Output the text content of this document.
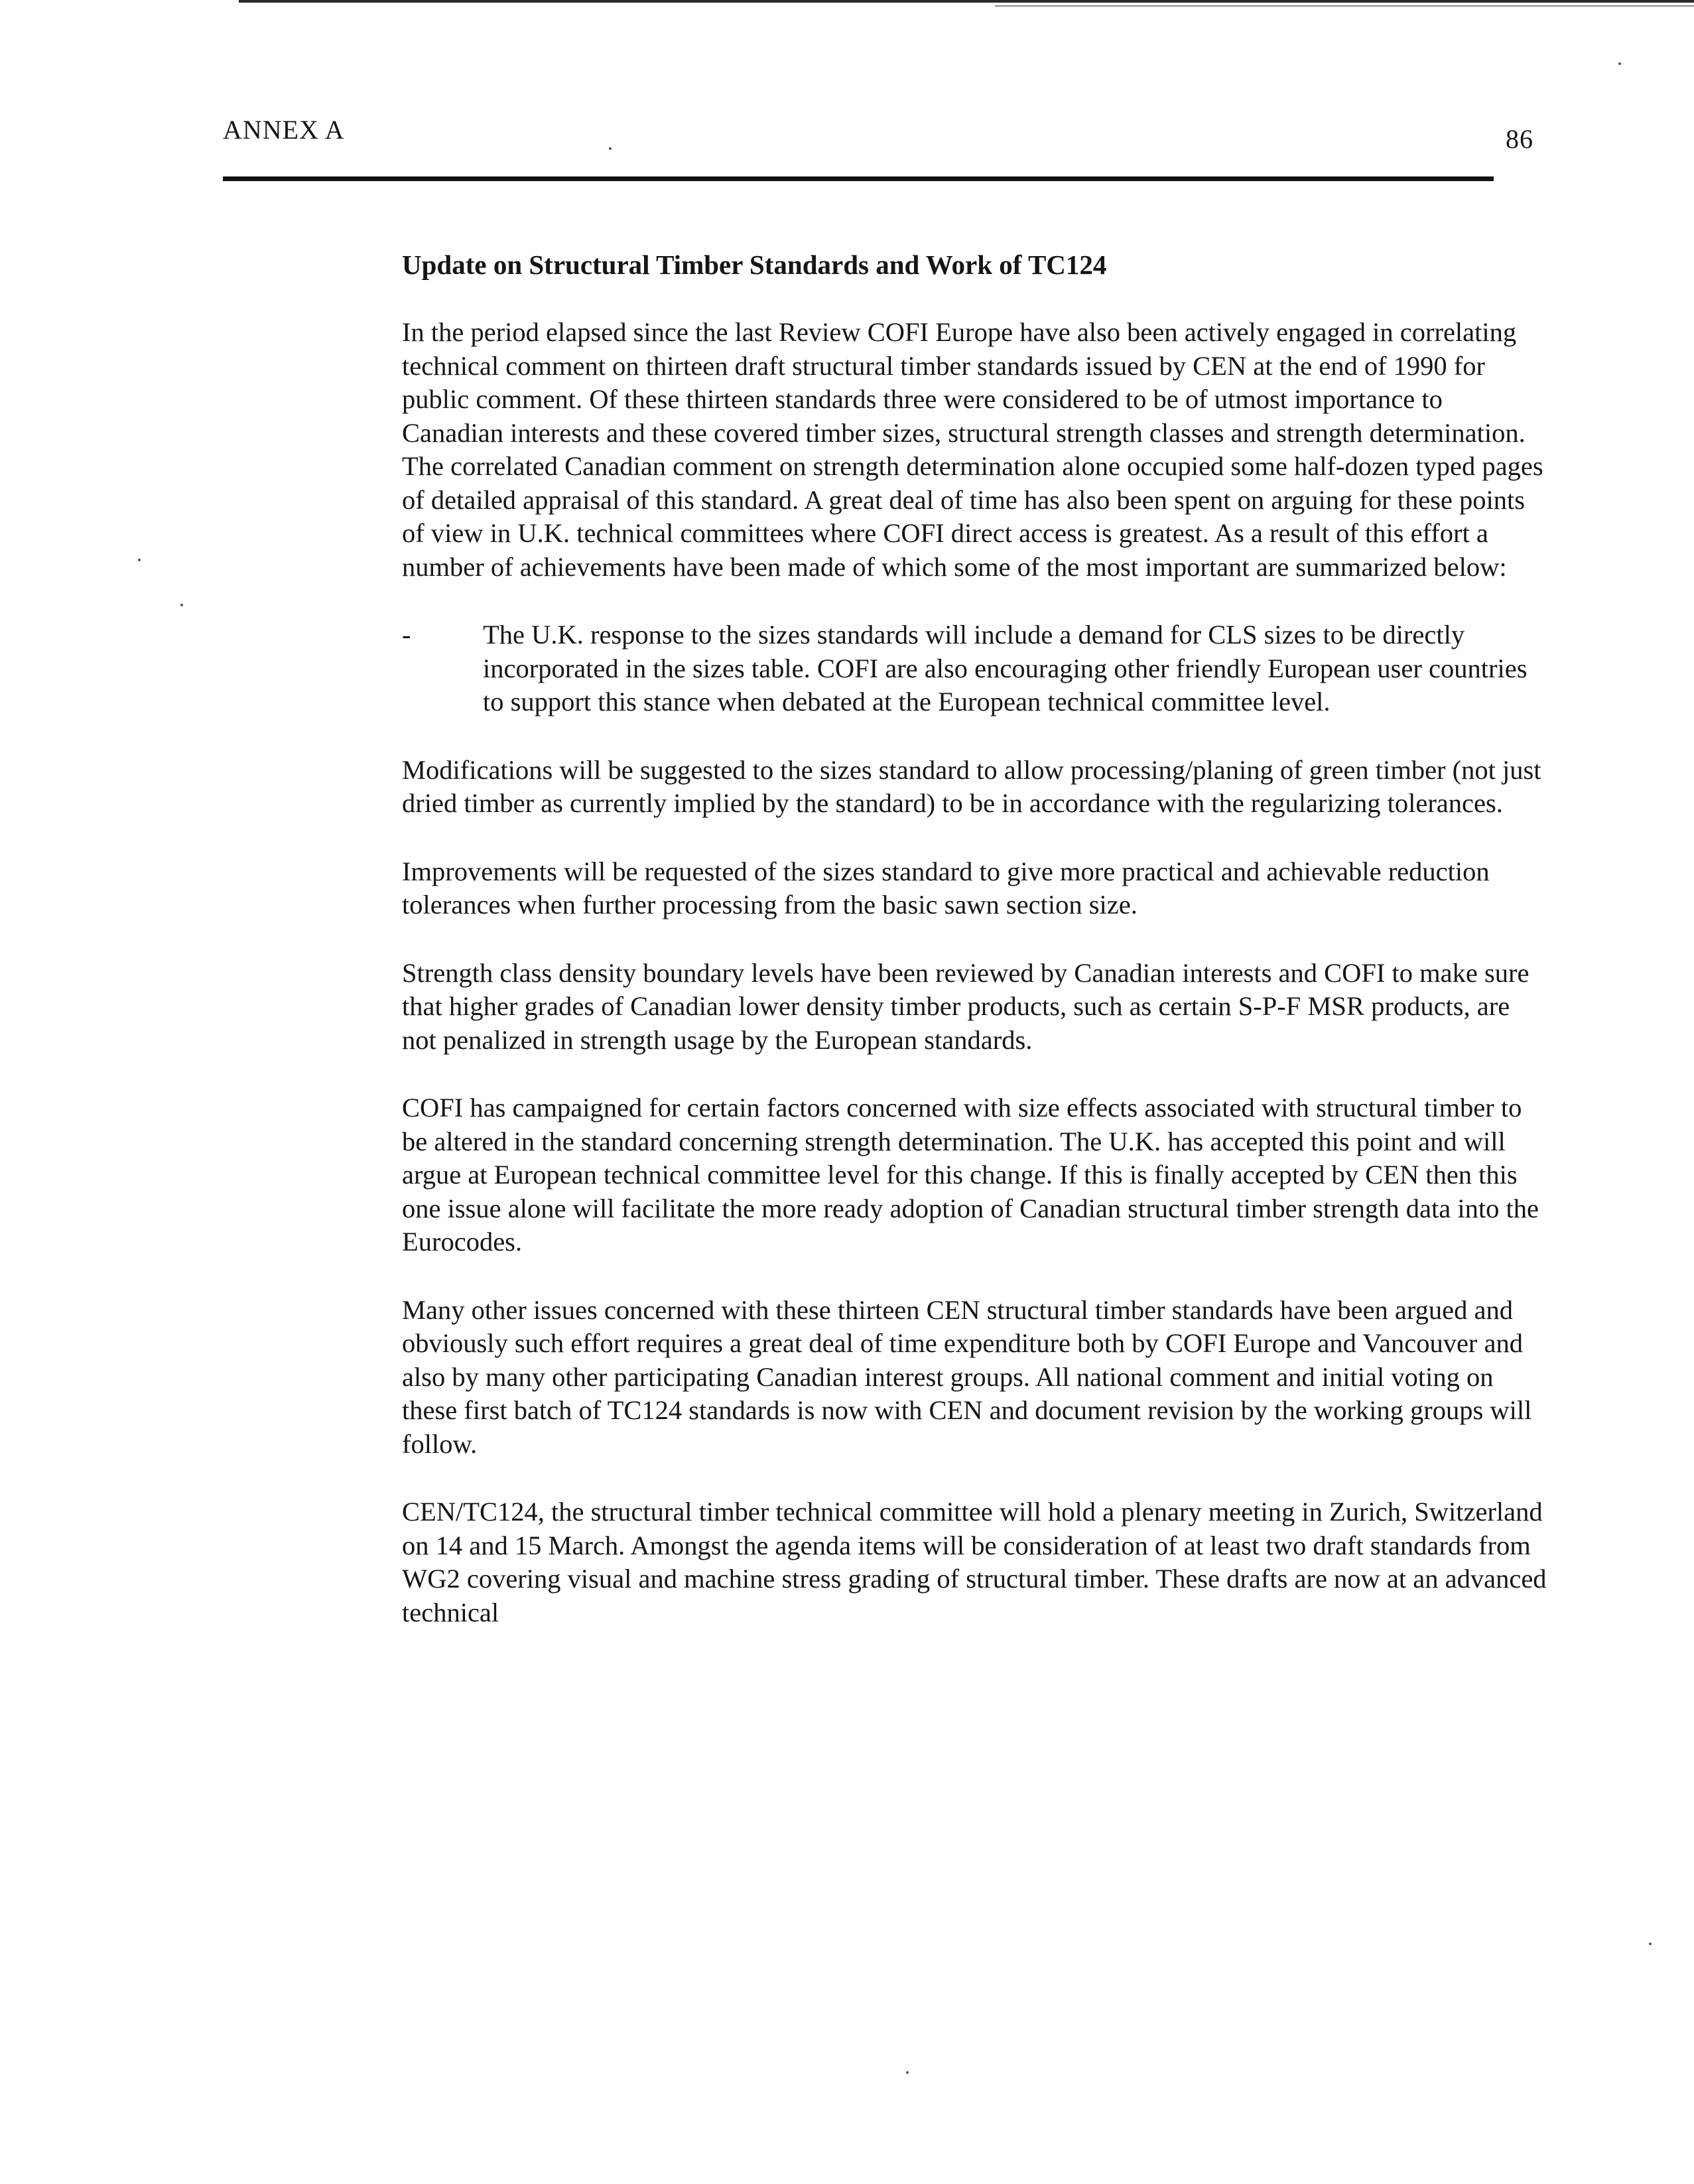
ANNEX A	86
Update on Structural Timber Standards and Work of TC124

In the period elapsed since the last Review COFI Europe have also been actively engaged in correlating technical comment on thirteen draft structural timber standards issued by CEN at the end of 1990 for public comment. Of these thirteen standards three were considered to be of utmost importance to Canadian interests and these covered timber sizes, structural strength classes and strength determination. The correlated Canadian comment on strength determination alone occupied some half-dozen typed pages of detailed appraisal of this standard. A great deal of time has also been spent on arguing for these points of view in U.K. technical committees where COFI direct access is greatest. As a result of this effort a number of achievements have been made of which some of the most important are summarized below:

-	The U.K. response to the sizes standards will include a demand for CLS sizes to be directly incorporated in the sizes table. COFI are also encouraging other friendly European user countries to support this stance when debated at the European technical committee level.

Modifications will be suggested to the sizes standard to allow processing/planing of green timber (not just dried timber as currently implied by the standard) to be in accordance with the regularizing tolerances.

Improvements will be requested of the sizes standard to give more practical and achievable reduction tolerances when further processing from the basic sawn section size.

Strength class density boundary levels have been reviewed by Canadian interests and COFI to make sure that higher grades of Canadian lower density timber products, such as certain S-P-F MSR products, are not penalized in strength usage by the European standards.

COFI has campaigned for certain factors concerned with size effects associated with structural timber to be altered in the standard concerning strength determination. The U.K. has accepted this point and will argue at European technical committee level for this change. If this is finally accepted by CEN then this one issue alone will facilitate the more ready adoption of Canadian structural timber strength data into the Eurocodes.

Many other issues concerned with these thirteen CEN structural timber standards have been argued and obviously such effort requires a great deal of time expenditure both by COFI Europe and Vancouver and also by many other participating Canadian interest groups. All national comment and initial voting on these first batch of TC124 standards is now with CEN and document revision by the working groups will follow.

CEN/TC124, the structural timber technical committee will hold a plenary meeting in Zurich, Switzerland on 14 and 15 March. Amongst the agenda items will be consideration of at least two draft standards from WG2 covering visual and machine stress grading of structural timber. These drafts are now at an advanced technical
